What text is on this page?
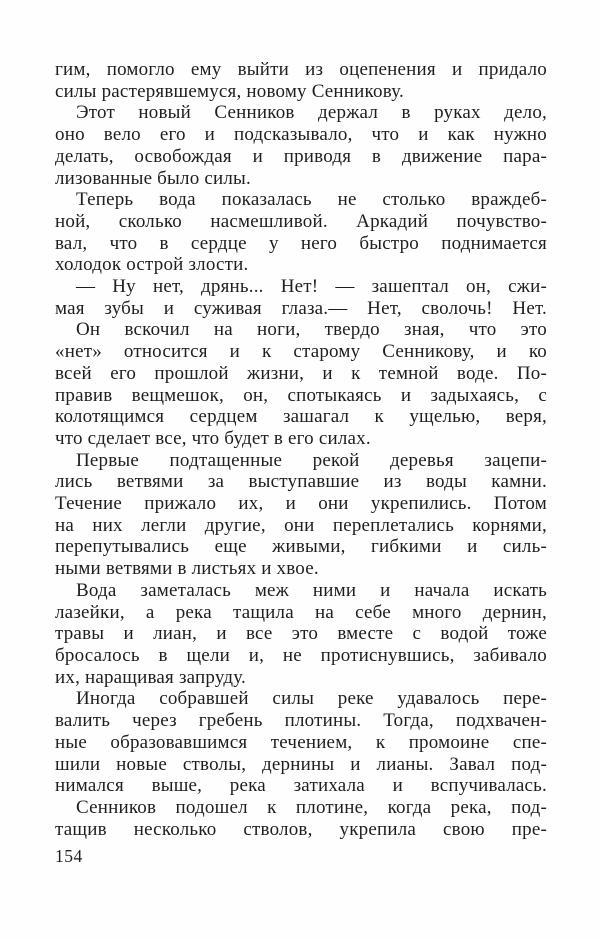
гим, помогло ему выйти из оцепенения и придало
силы растерявшемуся, новому Сенникову.
Этот новый Сенников держал в руках дело,
оно вело его и подсказывало, что и как нужно
делать, освобождая и приводя в движение пара-
лизованные было силы.
Теперь вода показалась не столько враждеб-
ной, сколько насмешливой. Аркадий почувство-
вал, что в сердце у него быстро поднимается
холодок острой злости.
— Ну нет, дрянь... Нет! — зашептал он, сжи-
мая зубы и суживая глаза.— Нет, сволочь! Нет.
Он вскочил на ноги, твердо зная, что это
«нет» относится и к старому Сенникову, и ко
всей его прошлой жизни, и к темной воде. По-
правив вещмешок, он, спотыкаясь и задыхаясь, с
колотящимся сердцем зашагал к ущелью, веря,
что сделает все, что будет в его силах.
Первые подтащенные рекой деревья зацепи-
лись ветвями за выступавшие из воды камни.
Течение прижало их, и они укрепились. Потом
на них легли другие, они переплетались корнями,
перепутывались еще живыми, гибкими и силь-
ными ветвями в листьях и хвое.
Вода заметалась меж ними и начала искать
лазейки, а река тащила на себе много дернин,
травы и лиан, и все это вместе с водой тоже
бросалось в щели и, не протиснувшись, забивало
их, наращивая запруду.
Иногда собравшей силы реке удавалось пере-
валить через гребень плотины. Тогда, подхвачен-
ные образовавшимся течением, к промоине спе-
шили новые стволы, дернины и лианы. Завал под-
нимался выше, река затихала и вспучивалась.
Сенников подошел к плотине, когда река, под-
тащив несколько стволов, укрепила свою пре-
154
